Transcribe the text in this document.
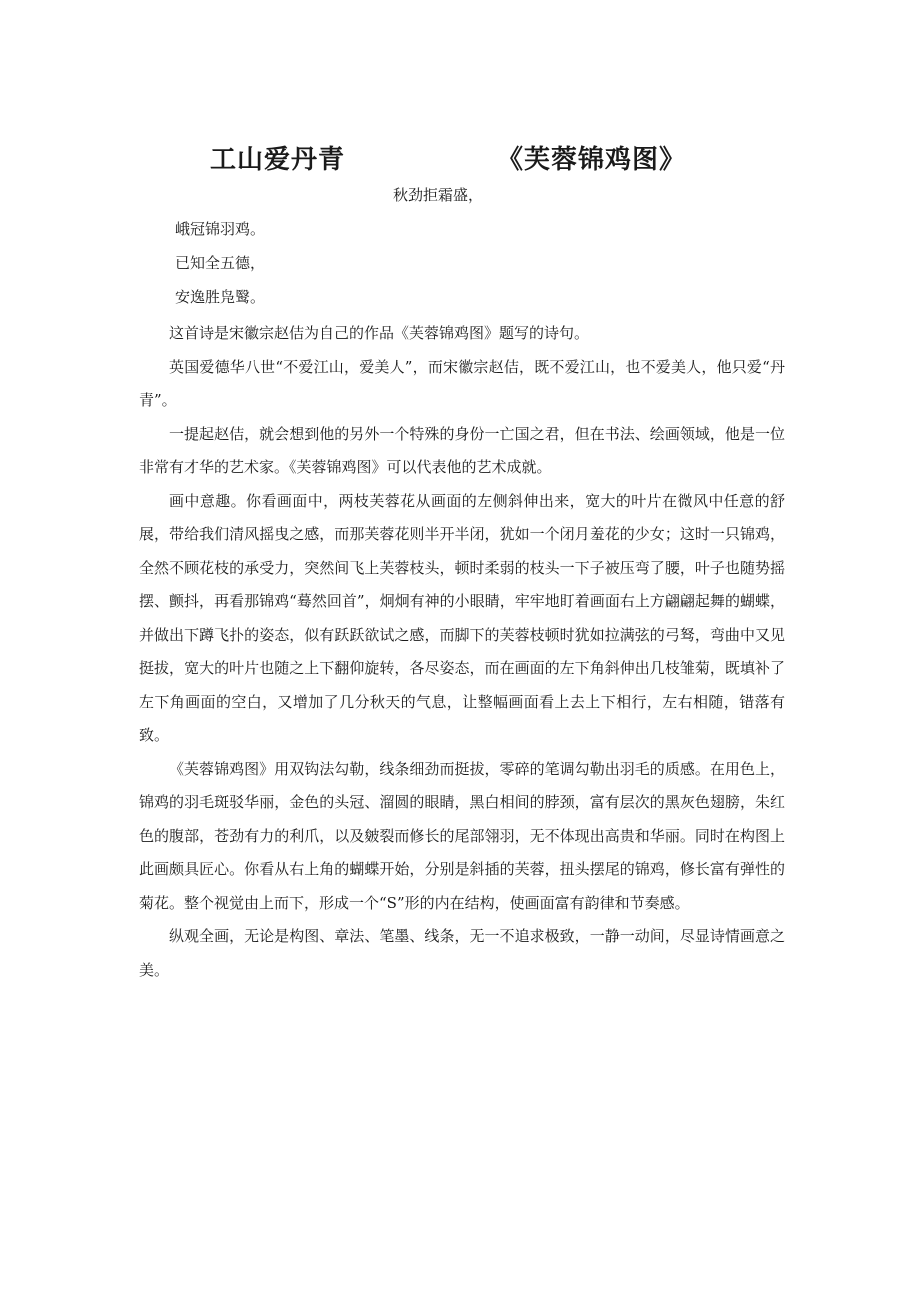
工山爱丹青	《芙蓉锦鸡图》
秋劲拒霜盛，
峨冠锦羽鸡。
已知全五德，
安逸胜凫鹥。

这首诗是宋徽宗赵佶为自己的作品《芙蓉锦鸡图》题写的诗句。

英国爱德华八世“不爱江山，爱美人”，而宋徽宗赵佶，既不爱江山，也不爱美人，他只爱“丹青”。

一提起赵佶，就会想到他的另外一个特殊的身份一亡国之君，但在书法、绘画领域，他是一位非常有才华的艺术家。《芙蓉锦鸡图》可以代表他的艺术成就。

画中意趣。你看画面中，两枝芙蓉花从画面的左侧斜伸出来，宽大的叶片在微风中任意的舒展，带给我们清风摇曳之感，而那芙蓉花则半开半闭，犹如一个闭月羞花的少女；这时一只锦鸡，全然不顾花枝的承受力，突然间飞上芙蓉枝头，顿时柔弱的枝头一下子被压弯了腰，叶子也随势摇摆、颤抖，再看那锦鸡“蓦然回首”，炯炯有神的小眼睛，牢牢地盯着画面右上方翩翩起舞的蝴蝶，并做出下蹲飞扑的姿态，似有跃跃欲试之感，而脚下的芙蓉枝顿时犹如拉满弦的弓驽，弯曲中又见挺拔，宽大的叶片也随之上下翻仰旋转，各尽姿态，而在画面的左下角斜伸出几枝雏菊，既填补了左下角画面的空白，又增加了几分秋天的气息，让整幅画面看上去上下相行，左右相随，错落有致。

《芙蓉锦鸡图》用双钩法勾勒，线条细劲而挺拔，零碎的笔调勾勒出羽毛的质感。在用色上，锦鸡的羽毛斑驳华丽，金色的头冠、溜圆的眼睛，黑白相间的脖颈，富有层次的黑灰色翅膀，朱红色的腹部，苍劲有力的利爪，以及皴裂而修长的尾部翎羽，无不体现出高贵和华丽。同时在构图上此画颇具匠心。你看从右上角的蝴蝶开始，分别是斜插的芙蓉，扭头摆尾的锦鸡，修长富有弹性的菊花。整个视觉由上而下，形成一个“S”形的内在结构，使画面富有韵律和节奏感。

纵观全画，无论是构图、章法、笔墨、线条，无一不追求极致，一静一动间，尽显诗情画意之美。
